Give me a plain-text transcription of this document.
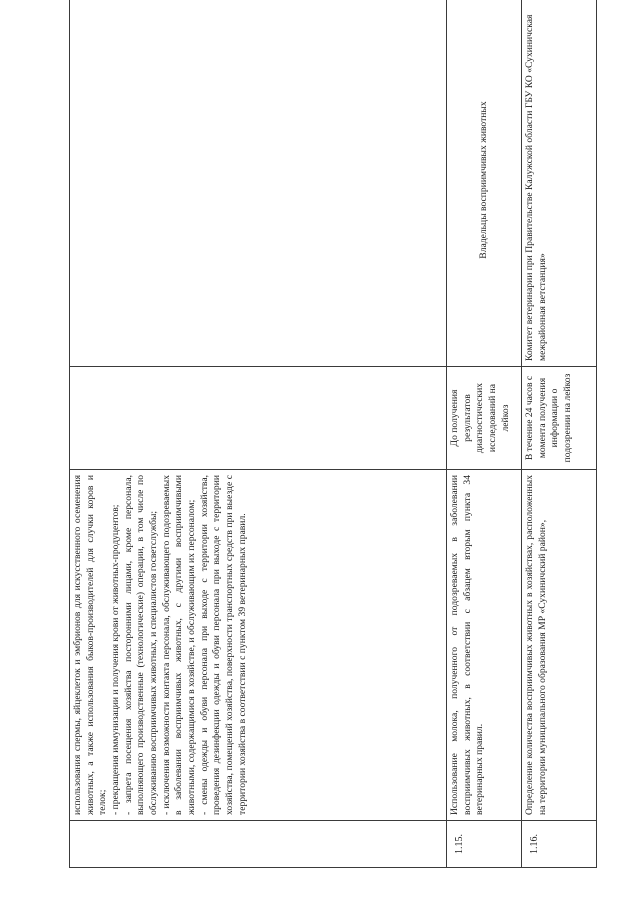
	использования спермы, яйцеклеток и эмбрионов для искусственного осеменения животных, а также использования быков-производителей для случки коров и телок; - прекращения иммунизации и получения крови от животных-продуцентов; - запрета посещения хозяйства посторонними лицами, кроме персонала, выполняющего производственные (технологические) операции, в том числе по обслуживанию восприимчивых животных, и специалистов госветслужбы; - исключения возможности контакта персонала, обслуживающего подозреваемых в заболевании восприимчивых животных, с другими восприимчивыми животными, содержащимися в хозяйстве, и обслуживающим их персоналом; - смены одежды и обуви персонала при выходе с территории хозяйства, проведения дезинфекции одежды и обуви персонала при выходе с территории хозяйства, помещений хозяйства, поверхности транспортных средств при выезде с территории хозяйства в соответствии с пунктом 39 ветеринарных правил.		

1.15.	Использование молока, полученного от подозреваемых в заболевании восприимчивых животных, в соответствии с абзацем вторым пункта 34 ветеринарных правил.	До получения результатов диагностических исследований на лейкоз	Владельцы восприимчивых животных

1.16.	Определение количества восприимчивых животных в хозяйствах, расположенных на территории муниципального образования МР «Сухиничский район»,	В течение 24 часов с момента получения информации о подозрении на лейкоз	Комитет ветеринарии при Правительстве Калужской области ГБУ КО «Сухиничская межрайонная ветстанция»
